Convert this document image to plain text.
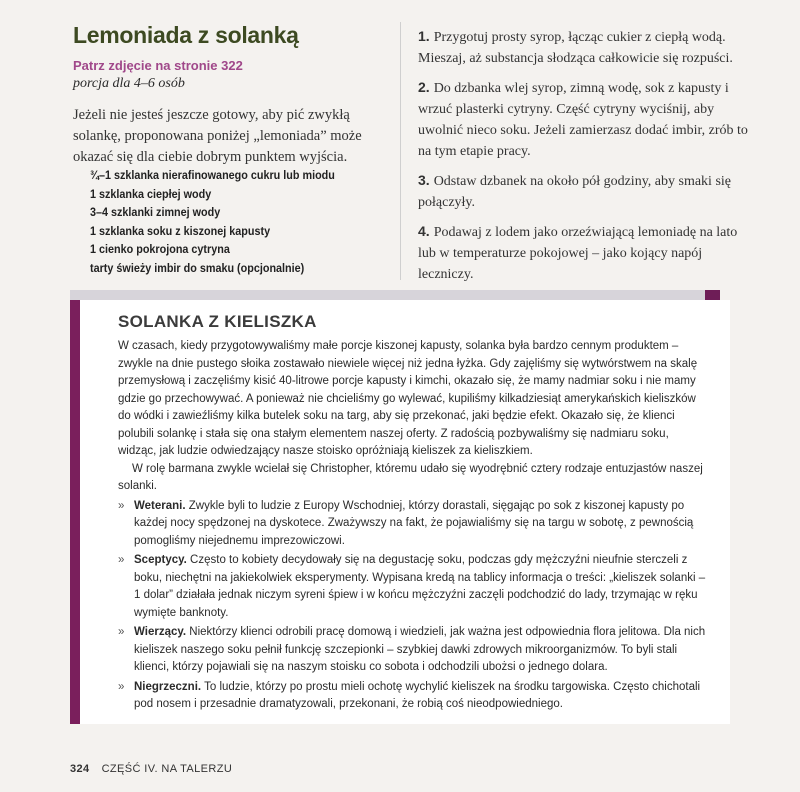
Lemoniada z solanką
Patrz zdjęcie na stronie 322
porcja dla 4–6 osób
Jeżeli nie jesteś jeszcze gotowy, aby pić zwykłą solankę, proponowana poniżej „lemoniada” może okazać się dla ciebie dobrym punktem wyjścia.
¾–1 szklanka nierafinowanego cukru lub miodu
1 szklanka ciepłej wody
3–4 szklanki zimnej wody
1 szklanka soku z kiszonej kapusty
1 cienko pokrojona cytryna
tarty świeży imbir do smaku (opcjonalnie)
1. Przygotuj prosty syrop, łącząc cukier z ciepłą wodą. Mieszaj, aż substancja słodząca całkowicie się rozpuści.
2. Do dzbanka wlej syrop, zimną wodę, sok z kapusty i wrzuć plasterki cytryny. Część cytryny wyciśnij, aby uwolnić nieco soku. Jeżeli zamierzasz dodać imbir, zrób to na tym etapie pracy.
3. Odstaw dzbanek na około pół godziny, aby smaki się połączyły.
4. Podawaj z lodem jako orzeźwiającą lemoniadę na lato lub w temperaturze pokojowej – jako kojący napój leczniczy.
SOLANKA Z KIELISZKA

W czasach, kiedy przygotowywaliśmy małe porcje kiszonej kapusty, solanka była bardzo cennym produktem – zwykle na dnie pustego słoika zostawało niewiele więcej niż jedna łyżka. Gdy zajęliśmy się wytwórstwem na skalę przemysłową i zaczęliśmy kisić 40-litrowe porcje kapusty i kimchi, okazało się, że mamy nadmiar soku i nie mamy gdzie go przechowywać. A ponieważ nie chcieliśmy go wylewać, kupiliśmy kilkadziesiąt amerykańskich kieliszków do wódki i zawieźliśmy kilka butelek soku na targ, aby się przekonać, jaki będzie efekt. Okazało się, że klienci polubili solankę i stała się ona stałym elementem naszej oferty. Z radością pozbywaliśmy się nadmiaru soku, widząc, jak ludzie odwiedzający nasze stoisko opróżniają kieliszek za kieliszkiem.

W rolę barmana zwykle wcielał się Christopher, któremu udało się wyodrębnić cztery rodzaje entuzjastów naszej solanki.

» Weterani. Zwykle byli to ludzie z Europy Wschodniej, którzy dorastali, sięgając po sok z kiszonej kapusty po każdej nocy spędzonej na dyskotece. Zważywszy na fakt, że pojawialiśmy się na targu w sobotę, z pewnością pomogliśmy niejednemu imprezowiczowi.
» Sceptycy. Często to kobiety decydowały się na degustację soku, podczas gdy mężczyźni nieufnie sterczeli z boku, niechętni na jakiekolwiek eksperymenty. Wypisana kredą na tablicy informacja o treści: „kieliszek solanki – 1 dolar” działała jednak niczym syreni śpiew i w końcu mężczyźni zaczęli podchodzić do lady, trzymając w ręku wymięte banknoty.
» Wierzący. Niektórzy klienci odrobili pracę domową i wiedzieli, jak ważna jest odpowiednia flora jelitowa. Dla nich kieliszek naszego soku pełnił funkcję szczepionki – szybkiej dawki zdrowych mikroorganizmów. To byli stali klienci, którzy pojawiali się na naszym stoisku co sobota i odchodzili ubożsi o jednego dolara.
» Niegrzeczni. To ludzie, którzy po prostu mieli ochotę wychylić kieliszek na środku targowiska. Często chichotali pod nosem i przesadnie dramatyzowali, przekonani, że robią coś nieodpowiedniego.
324 CZĘŚĆ IV. NA TALERZU
